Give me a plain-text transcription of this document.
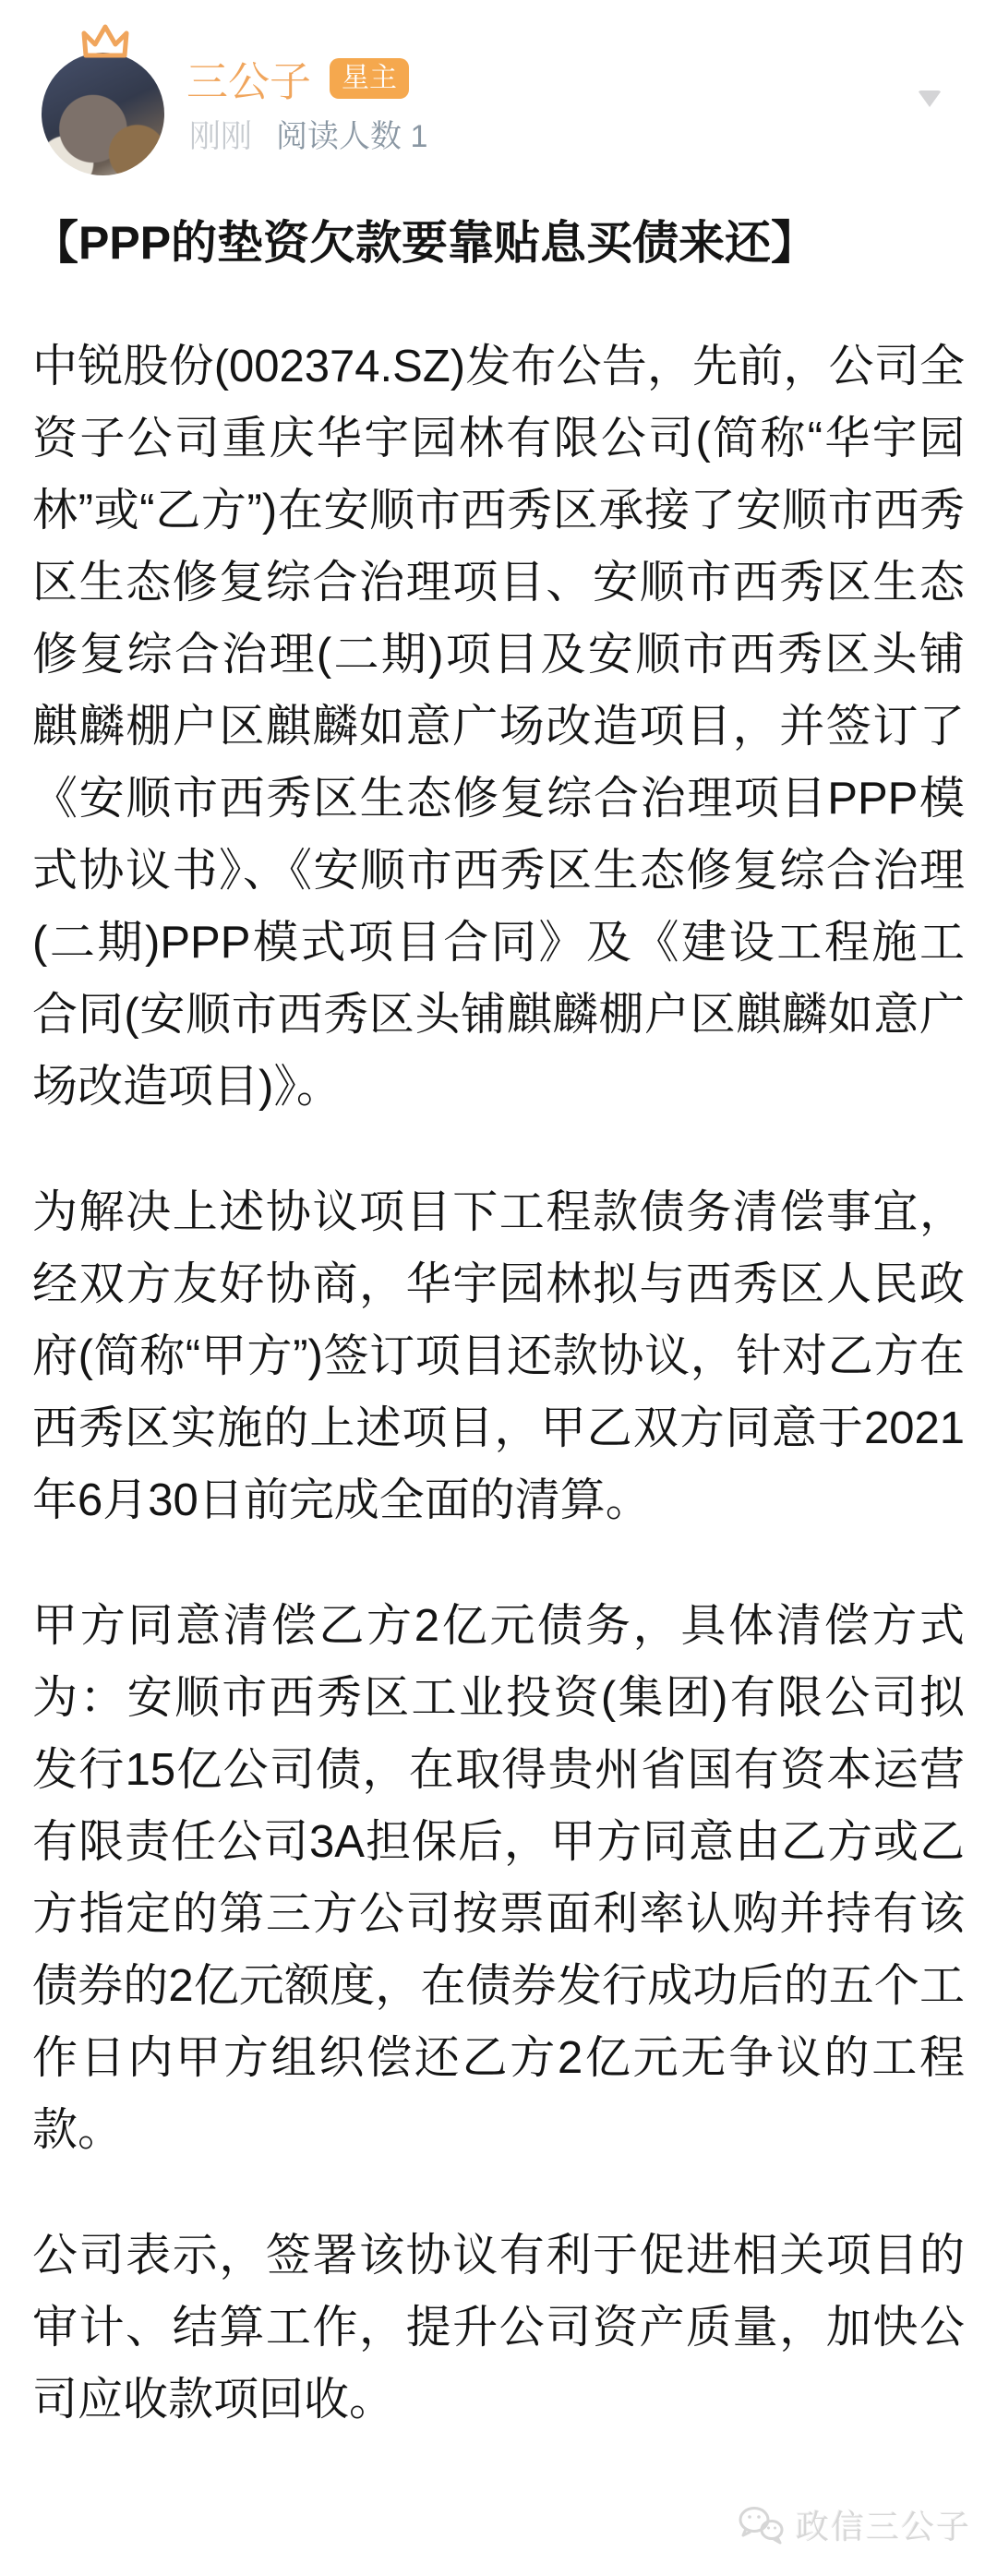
三公子	星主
刚刚 阅读人数 1
【PPP的垫资欠款要靠贴息买债来还】

中锐股份(002374.SZ)发布公告，先前，公司全资子公司重庆华宇园林有限公司(简称“华宇园林”或“乙方”)在安顺市西秀区承接了安顺市西秀区生态修复综合治理项目、安顺市西秀区生态修复综合治理(二期)项目及安顺市西秀区头铺麒麟棚户区麒麟如意广场改造项目，并签订了《安顺市西秀区生态修复综合治理项目PPP模式协议书》、《安顺市西秀区生态修复综合治理(二期)PPP模式项目合同》及《建设工程施工合同(安顺市西秀区头铺麒麟棚户区麒麟如意广场改造项目)》。

为解决上述协议项目下工程款债务清偿事宜，经双方友好协商，华宇园林拟与西秀区人民政府(简称“甲方”)签订项目还款协议，针对乙方在西秀区实施的上述项目，甲乙双方同意于2021年6月30日前完成全面的清算。

甲方同意清偿乙方2亿元债务，具体清偿方式为：安顺市西秀区工业投资(集团)有限公司拟发行15亿公司债，在取得贵州省国有资本运营有限责任公司3A担保后，甲方同意由乙方或乙方指定的第三方公司按票面利率认购并持有该债券的2亿元额度，在债券发行成功后的五个工作日内甲方组织偿还乙方2亿元无争议的工程款。

公司表示，签署该协议有利于促进相关项目的审计、结算工作，提升公司资产质量，加快公司应收款项回收。

政信三公子
